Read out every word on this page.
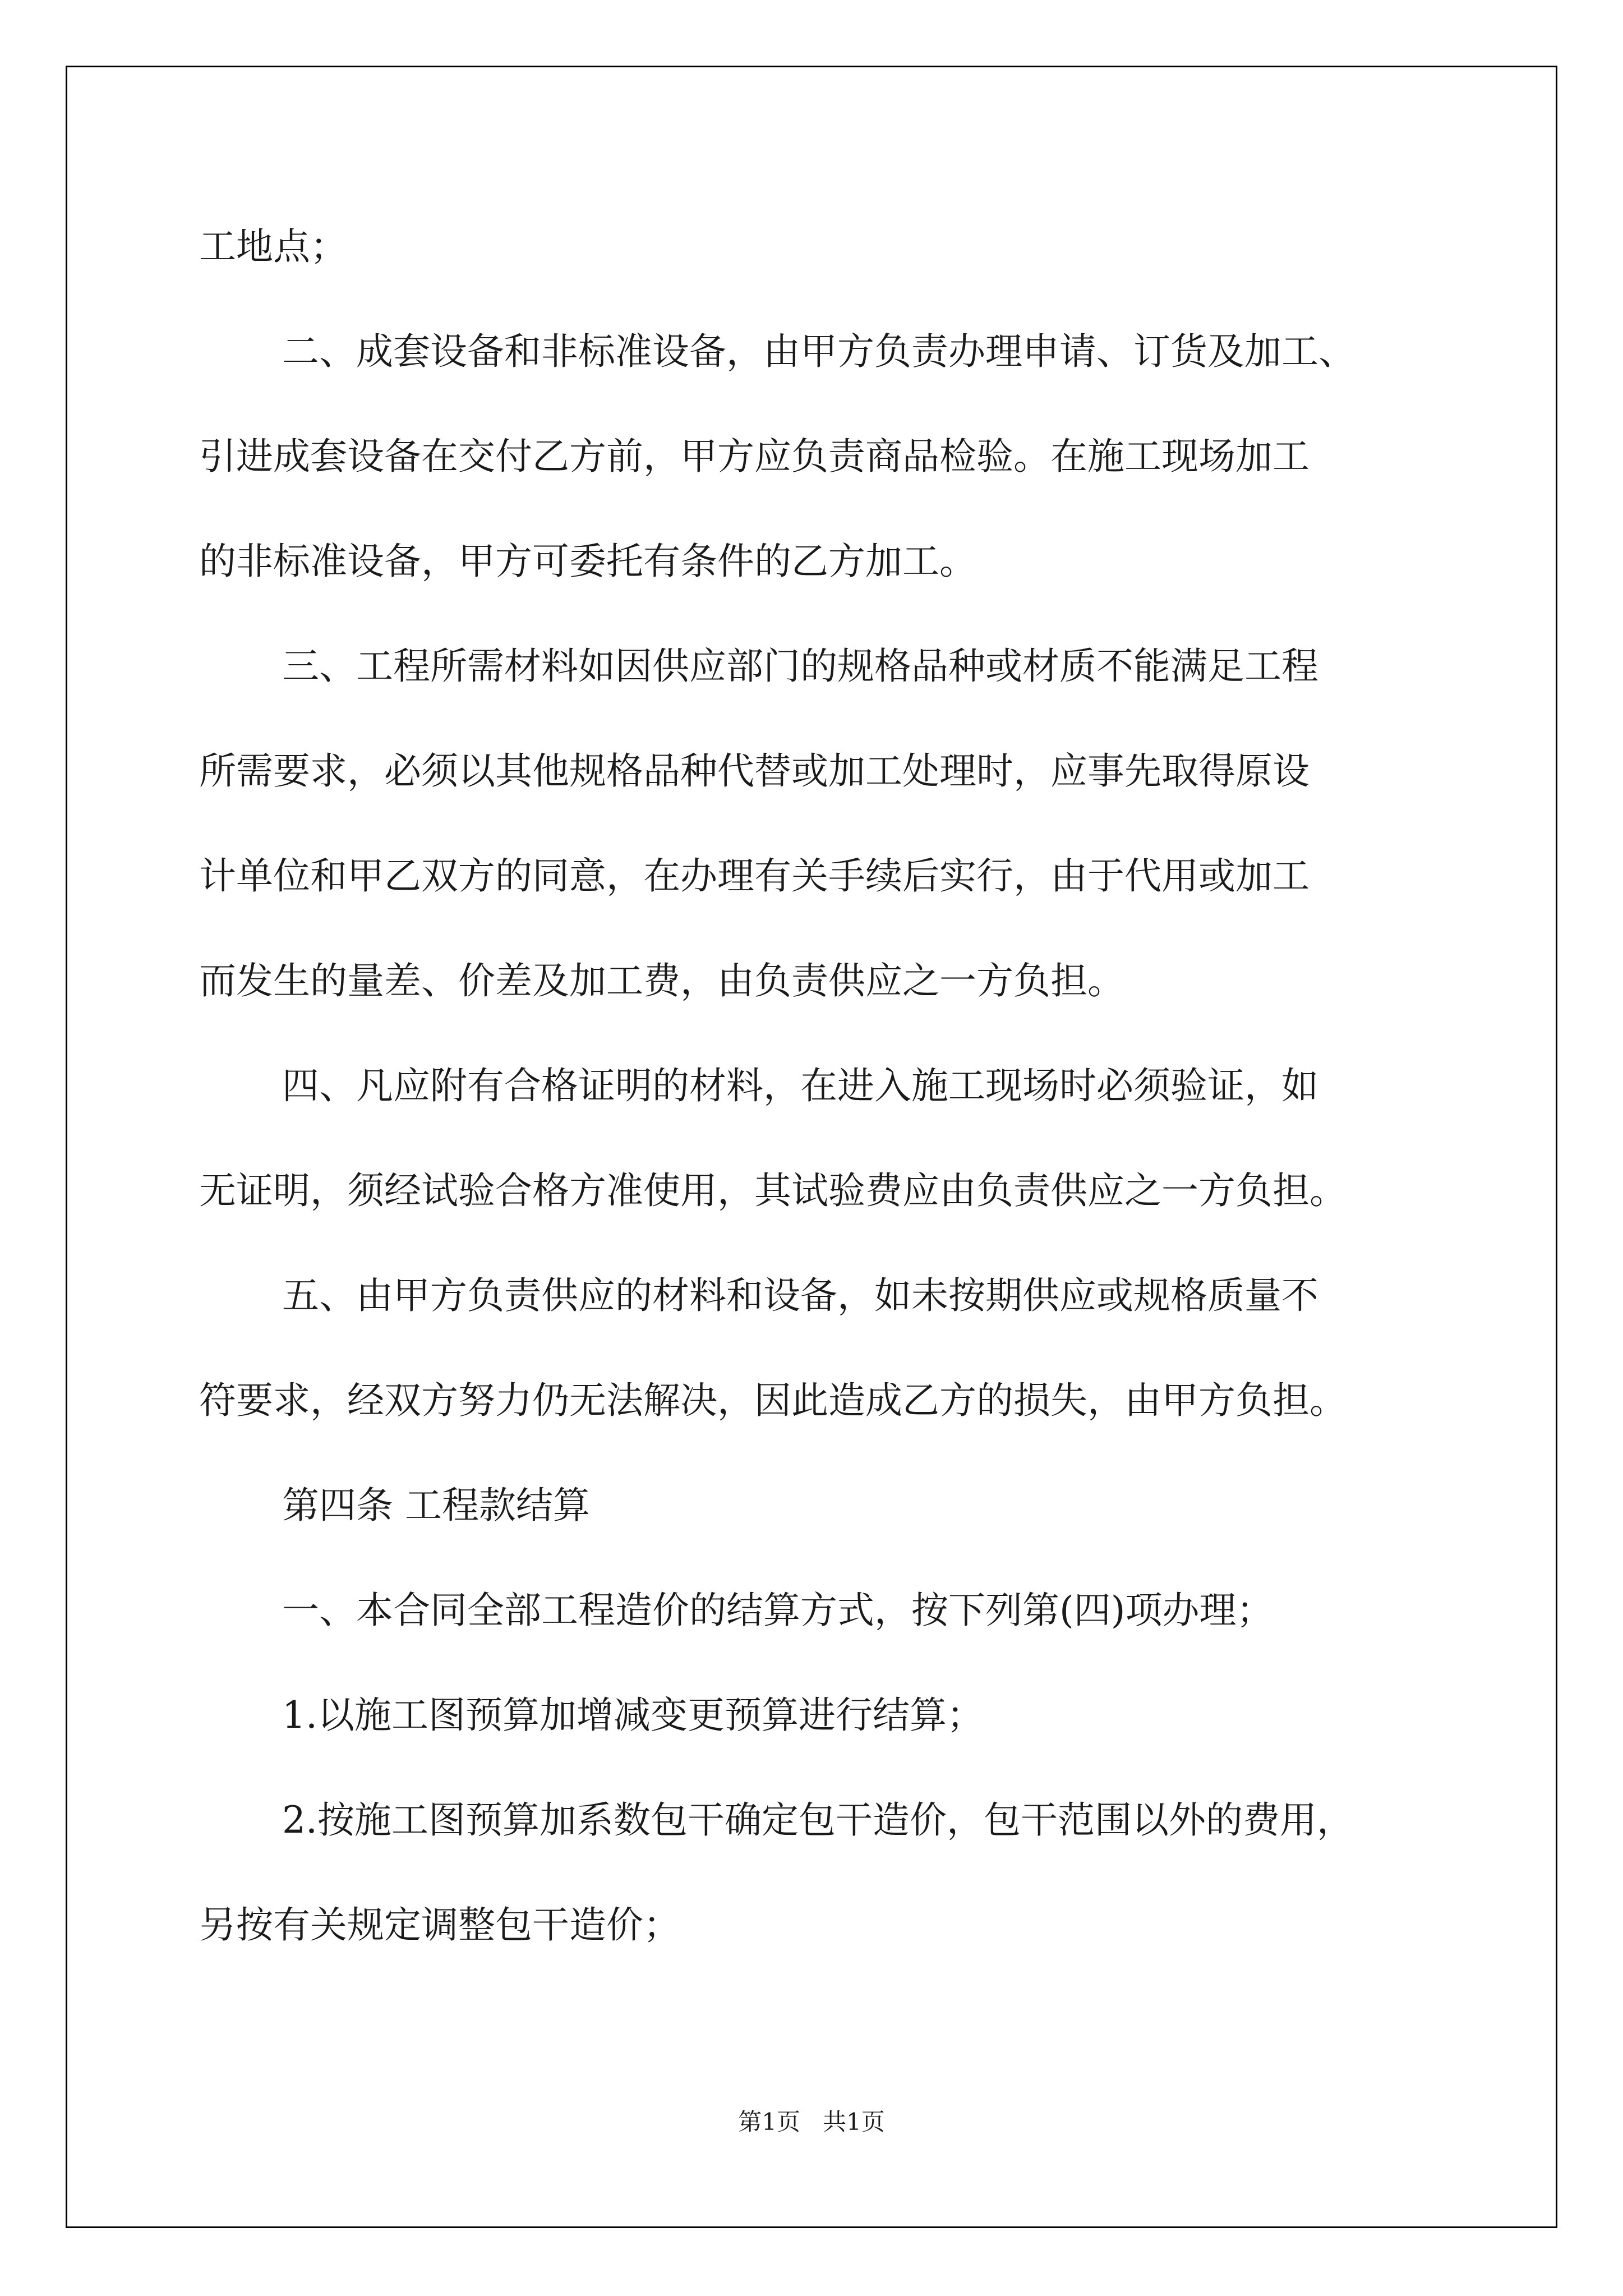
工地点；
二、成套设备和非标准设备，由甲方负责办理申请、订货及加工、
引进成套设备在交付乙方前，甲方应负责商品检验。在施工现场加工
的非标准设备，甲方可委托有条件的乙方加工。
三、工程所需材料如因供应部门的规格品种或材质不能满足工程
所需要求，必须以其他规格品种代替或加工处理时，应事先取得原设
计单位和甲乙双方的同意，在办理有关手续后实行，由于代用或加工
而发生的量差、价差及加工费，由负责供应之一方负担。
四、凡应附有合格证明的材料，在进入施工现场时必须验证，如
无证明，须经试验合格方准使用，其试验费应由负责供应之一方负担。
五、由甲方负责供应的材料和设备，如未按期供应或规格质量不
符要求，经双方努力仍无法解决，因此造成乙方的损失，由甲方负担。
第四条 工程款结算
一、本合同全部工程造价的结算方式，按下列第(四)项办理；
1.以施工图预算加增减变更预算进行结算；
2.按施工图预算加系数包干确定包干造价，包干范围以外的费用，
另按有关规定调整包干造价；
第1页   共1页
